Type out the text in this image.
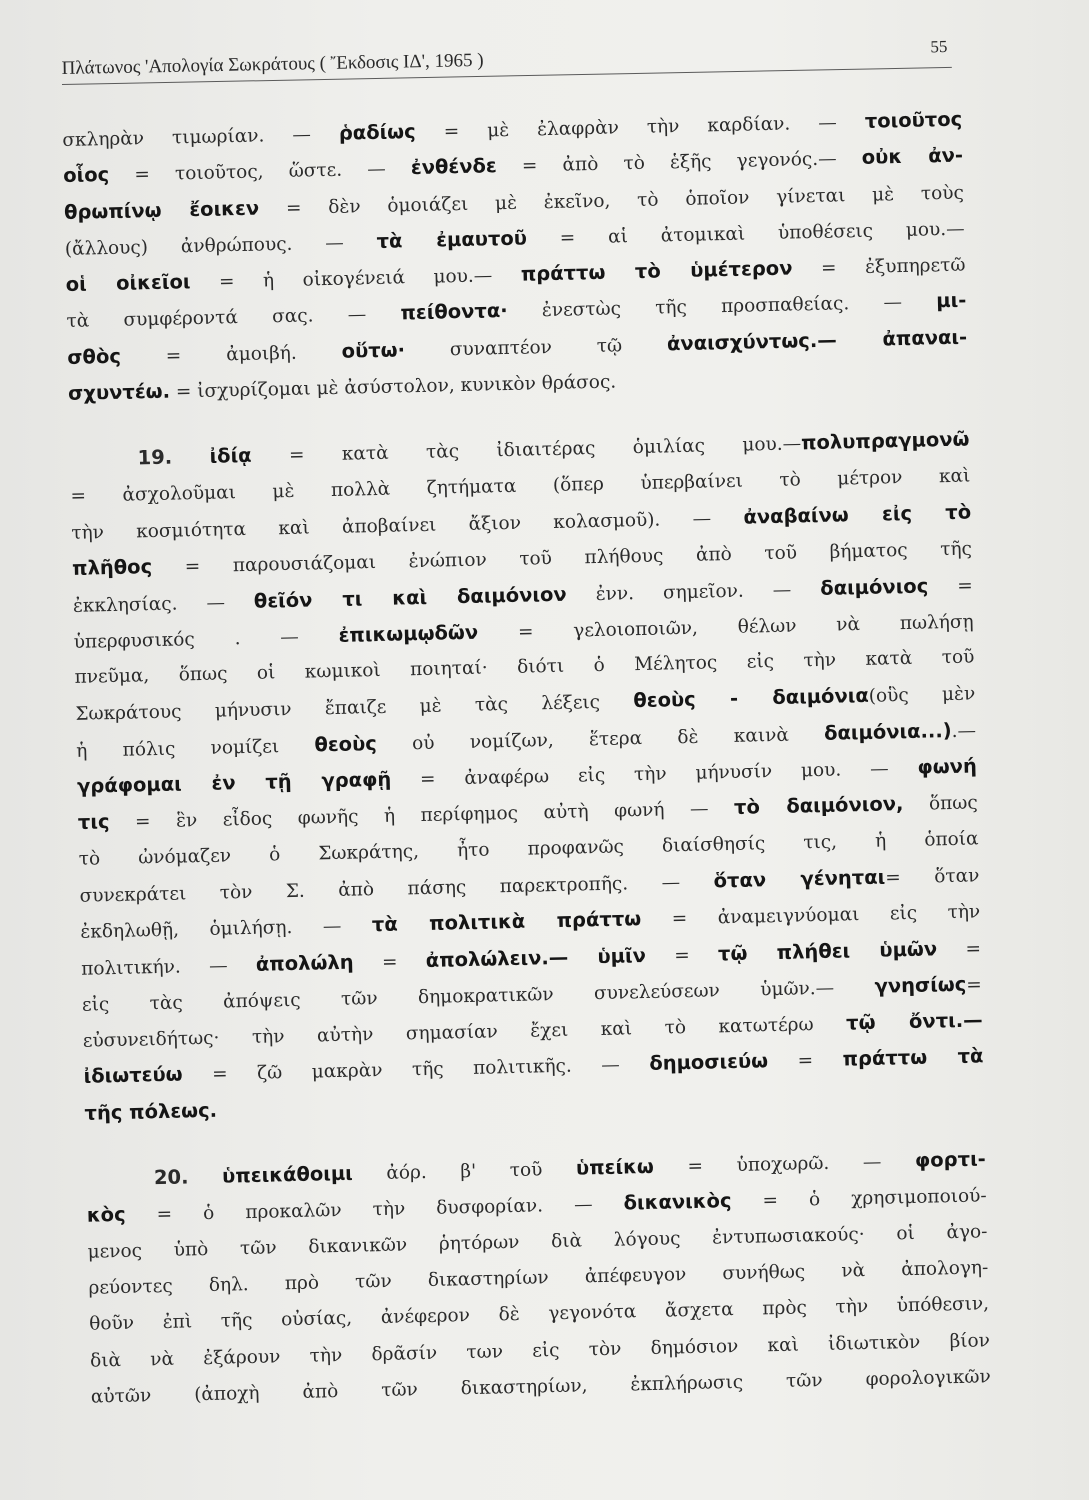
Πλάτωνος 'Απολογία Σωκράτους ( Ἔκδοσις ΙΔ', 1965 )
55
σκληρὰν τιμωρίαν. — ῥαδίως = μὲ ἐλαφρὰν τὴν καρδίαν. — τοιοῦτος
οἷος = τοιοῦτος, ὥστε. — ἐνθένδε = ἀπὸ τὸ ἑξῆς γεγονός.— οὐκ ἀν-
θρωπίνῳ ἔοικεν = δὲν ὁμοιάζει μὲ ἐκεῖνο, τὸ ὁποῖον γίνεται μὲ τοὺς
(ἄλλους) ἀνθρώπους. — τὰ ἐμαυτοῦ = αἱ ἀτομικαὶ ὑποθέσεις μου.—
οἱ οἰκεῖοι = ἡ οἰκογένειά μου.— πράττω τὸ ὑμέτερον = ἐξυπηρετῶ
τὰ συμφέροντά σας. — πείθοντα· ἐνεστὼς τῆς προσπαθείας. — μι-
σθὸς = ἀμοιβή. οὕτω· συναπτέον τῷ ἀναισχύντως.— ἀπαναι-
σχυντέω. = ἰσχυρίζομαι μὲ ἀσύστολον, κυνικὸν θράσος.
19. ἰδίᾳ = κατὰ τὰς ἰδιαιτέρας ὁμιλίας μου.—πολυπραγμονῶ
= ἀσχολοῦμαι μὲ πολλὰ ζητήματα (ὅπερ ὑπερβαίνει τὸ μέτρον καὶ
τὴν κοσμιότητα καὶ ἀποβαίνει ἄξιον κολασμοῦ). — ἀναβαίνω εἰς τὸ
πλῆθος = παρουσιάζομαι ἐνώπιον τοῦ πλήθους ἀπὸ τοῦ βήματος τῆς
ἐκκλησίας. — θεῖόν τι καὶ δαιμόνιον ἐνν. σημεῖον. — δαιμόνιος =
ὑπερφυσικός . — ἐπικωμῳδῶν = γελοιοποιῶν, θέλων νὰ πωλήσῃ
πνεῦμα, ὅπως οἱ κωμικοὶ ποιηταί· διότι ὁ Μέλητος εἰς τὴν κατὰ τοῦ
Σωκράτους μήνυσιν ἔπαιζε μὲ τὰς λέξεις θεοὺς - δαιμόνια(οὓς μὲν
ἡ πόλις νομίζει θεοὺς οὐ νομίζων, ἕτερα δὲ καινὰ δαιμόνια...).—
γράφομαι ἐν τῇ γραφῇ = ἀναφέρω εἰς τὴν μήνυσίν μου. — φωνή
τις = ἓν εἶδος φωνῆς ἡ περίφημος αὐτὴ φωνή — τὸ δαιμόνιον, ὅπως
τὸ ὠνόμαζεν ὁ Σωκράτης, ἦτο προφανῶς διαίσθησίς τις, ἡ ὁποία
συνεκράτει τὸν Σ. ἀπὸ πάσης παρεκτροπῆς. — ὅταν γένηται= ὅταν
ἐκδηλωθῇ, ὁμιλήσῃ. — τὰ πολιτικὰ πράττω = ἀναμειγνύομαι εἰς τὴν
πολιτικήν. — ἀπολώλη = ἀπολώλειν.— ὑμῖν = τῷ πλήθει ὑμῶν =
εἰς τὰς ἀπόψεις τῶν δημοκρατικῶν συνελεύσεων ὑμῶν.— γνησίως=
εὐσυνειδήτως· τὴν αὐτὴν σημασίαν ἔχει καὶ τὸ κατωτέρω τῷ ὄντι.—
ἰδιωτεύω = ζῶ μακρὰν τῆς πολιτικῆς. — δημοσιεύω = πράττω τὰ
τῆς πόλεως.
20. ὑπεικάθοιμι ἀόρ. β' τοῦ ὑπείκω = ὑποχωρῶ. — φορτι-
κὸς = ὁ προκαλῶν τὴν δυσφορίαν. — δικανικὸς = ὁ χρησιμοποιού-
μενος ὑπὸ τῶν δικανικῶν ῥητόρων διὰ λόγους ἐντυπωσιακούς· οἱ ἀγο-
ρεύοντες δηλ. πρὸ τῶν δικαστηρίων ἀπέφευγον συνήθως νὰ ἀπολογη-
θοῦν ἐπὶ τῆς οὐσίας, ἀνέφερον δὲ γεγονότα ἄσχετα πρὸς τὴν ὑπόθεσιν,
διὰ νὰ ἐξάρουν τὴν δρᾶσίν των εἰς τὸν δημόσιον καὶ ἰδιωτικὸν βίον
αὐτῶν (ἀποχὴ ἀπὸ τῶν δικαστηρίων, ἐκπλήρωσις τῶν φορολογικῶν
